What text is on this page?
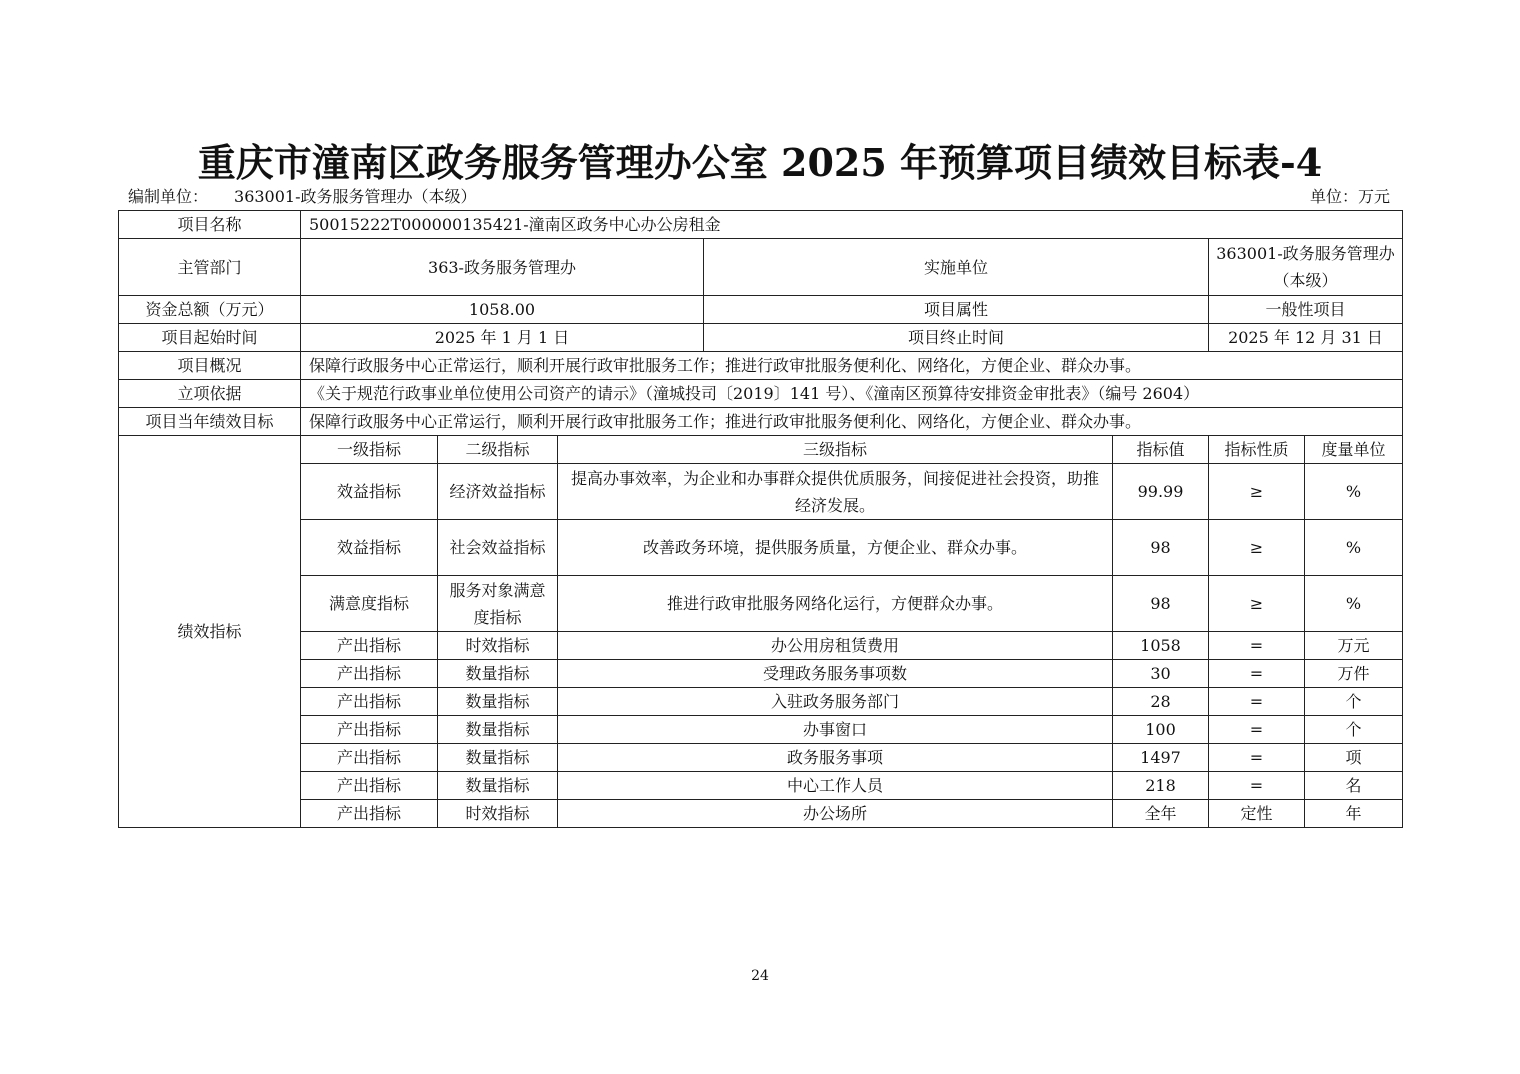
重庆市潼南区政务服务管理办公室 2025 年预算项目绩效目标表-4
编制单位： 363001-政务服务管理办（本级）	单位：万元
项目名称	50015222T000000135421-潼南区政务中心办公房租金						
主管部门	363-政务服务管理办			实施单位		363001-政务服务管理办（本级）	
资金总额（万元）	1058.00			项目属性		一般性项目	
项目起始时间	2025 年 1 月 1 日			项目终止时间		2025 年 12 月 31 日	
项目概况	保障行政服务中心正常运行，顺利开展行政审批服务工作；推进行政审批服务便利化、网络化，方便企业、群众办事。						
立项依据	《关于规范行政事业单位使用公司资产的请示》（潼城投司〔2019〕141 号）、《潼南区预算待安排资金审批表》（编号 2604）						
项目当年绩效目标	保障行政服务中心正常运行，顺利开展行政审批服务工作；推进行政审批服务便利化、网络化，方便企业、群众办事。						
绩效指标	一级指标	二级指标	三级指标		指标值	指标性质	度量单位
	效益指标	经济效益指标	提高办事效率，为企业和办事群众提供优质服务，间接促进社会投资，助推经济发展。		99.99	≥	%
	效益指标	社会效益指标	改善政务环境，提供服务质量，方便企业、群众办事。		98	≥	%
	满意度指标	服务对象满意度指标	推进行政审批服务网络化运行，方便群众办事。		98	≥	%
	产出指标	时效指标	办公用房租赁费用		1058	=	万元
	产出指标	数量指标	受理政务服务事项数		30	=	万件
	产出指标	数量指标	入驻政务服务部门		28	=	个
	产出指标	数量指标	办事窗口		100	=	个
	产出指标	数量指标	政务服务事项		1497	=	项
	产出指标	数量指标	中心工作人员		218	=	名
	产出指标	时效指标	办公场所		全年	定性	年
24
